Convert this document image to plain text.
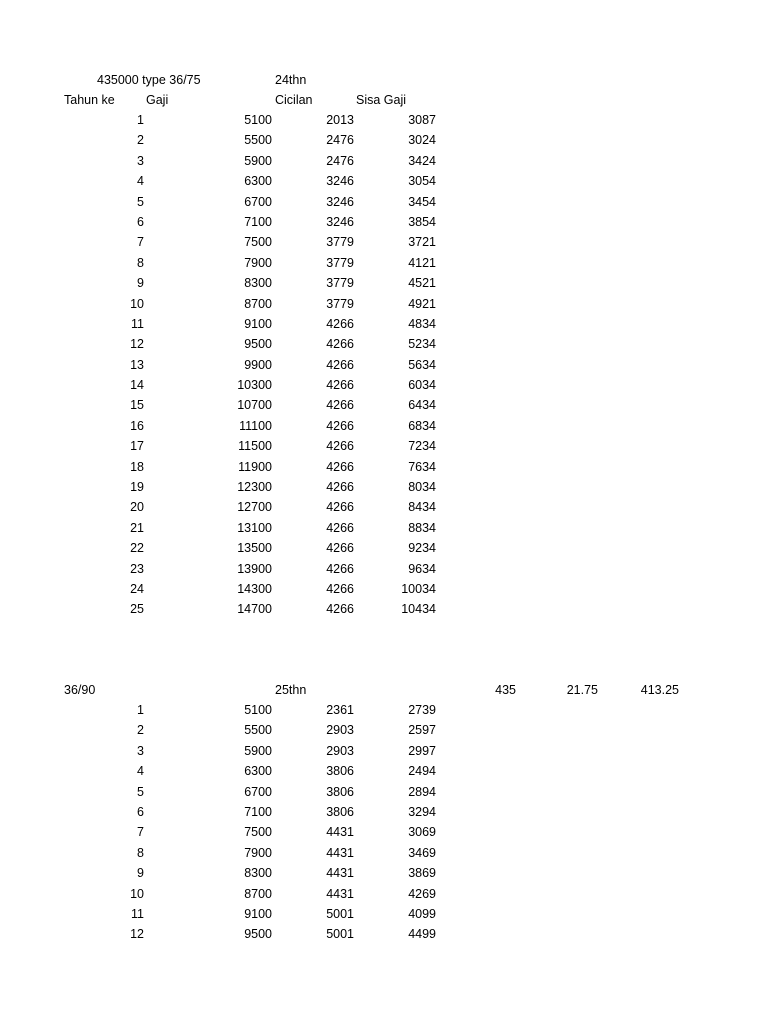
435000 type 36/75	24thn
Tahun ke	Gaji	Cicilan	Sisa Gaji
1	5100	2013	3087
2	5500	2476	3024
3	5900	2476	3424
4	6300	3246	3054
5	6700	3246	3454
6	7100	3246	3854
7	7500	3779	3721
8	7900	3779	4121
9	8300	3779	4521
10	8700	3779	4921
11	9100	4266	4834
12	9500	4266	5234
13	9900	4266	5634
14	10300	4266	6034
15	10700	4266	6434
16	11100	4266	6834
17	11500	4266	7234
18	11900	4266	7634
19	12300	4266	8034
20	12700	4266	8434
21	13100	4266	8834
22	13500	4266	9234
23	13900	4266	9634
24	14300	4266	10034
25	14700	4266	10434
36/90	25thn	435	21.75	413.25
1	5100	2361	2739
2	5500	2903	2597
3	5900	2903	2997
4	6300	3806	2494
5	6700	3806	2894
6	7100	3806	3294
7	7500	4431	3069
8	7900	4431	3469
9	8300	4431	3869
10	8700	4431	4269
11	9100	5001	4099
12	9500	5001	4499
